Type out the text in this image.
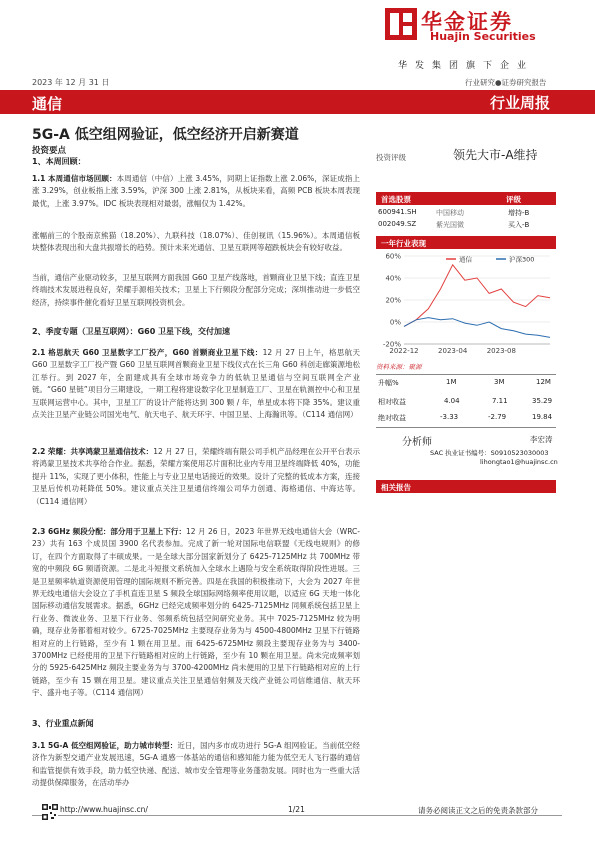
华金证券
Huajin Securities
华发集团旗下企业
2023 年 12 月 31 日	行业研究●证券研究报告
通信	行业周报
5G-A 低空组网验证，低空经济开启新赛道
投资要点
1、本周回顾：
1.1 本周通信市场回顾：本周通信（中信）上涨 3.45%，同期上证指数上涨 2.06%，深证成指上涨 3.29%，创业板指上涨 3.59%，沪深 300 上涨 2.81%，从板块来看，高频 PCB 板块本周表现最优，上涨 3.97%。IDC 板块表现相对最弱，涨幅仅为 1.42%。
涨幅前三的个股南京熊猫（18.20%）、九联科技（18.07%）、佳创视讯（15.96%）。本周通信板块整体表现出和大盘共振增长的趋势。预计未来光通信、卫星互联网等超跌板块会有较好收益。
当前，通信产业驱动较多，卫星互联网方面我国 G60 卫星产线落地，首颗商业卫星下线；直连卫星终端技术发展进程良好，荣耀手源相关技术；卫星上下行频段分配部分完成；深圳推动进一步低空经济，持续事件催化看好卫星互联网投资机会。
2、季度专题（卫星互联网）：G60 卫星下线，交付加速
2.1 格思航天 G60 卫星数字工厂投产，G60 首颗商业卫星下线：12 月 27 日上午，格思航天 G60 卫星数字工厂投产暨 G60 卫星互联网首颗商业卫星下线仪式在长三角 G60 科创走廊策源地松江举行。到 2027 年，全面建成具有全球市场竞争力的低轨卫星通信与空间互联网全产业链。“G60 星链”项目分三期建设，一期工程将建设数字化卫星制造工厂、卫星在轨测控中心和卫星互联网运营中心。其中，卫星工厂的设计产能将达到 300 颗 / 年，单星成本将下降 35%。建议重点关注卫星产业链公司国光电气、航天电子、航天环宇、中国卫星、上海瀚讯等。（C114 通信网）
2.2 荣耀：共享鸿蒙卫星通信技术：12 月 27 日，荣耀终端有限公司手机产品经理在公开平台表示将鸿蒙卫星技术共享给合作业。据悉，荣耀方案使用芯片面积比业内专用卫星终端降低 40%，功能提升 11%，实现了更小体积，性能上与专业卫星电话接近的效果。设计了完整的低成本方案，连接卫星后传机功耗降低 50%。建议重点关注卫星通信终端公司华力创通、海格通信、中海达等。（C114 通信网）
2.3 6GHz 频段分配：部分用于卫星上下行：12 月 26 日，2023 年世界无线电通信大会（WRC-23）共有 163 个成员国 3900 名代表参加。完成了新一轮对国际电信联盟《无线电规则》的修订，在四个方面取得了丰硕成果。一是全球大部分国家新划分了 6425-7125MHz 共 700MHz 带宽的中频段 6G 频谱资源。二是北斗短报文系统加入全球水上遇险与安全系统取得阶段性进展。三是卫星频率轨道资源使用管理的国际规则不断完善。四是在我国的积极推动下，大会为 2027 年世界无线电通信大会设立了手机直连卫星 S 频段全球国际网络频率使用议题，以适应 6G 天地一体化国际移动通信发展需求。据悉，6GHz 已经完成频率划分的 6425-7125MHz 同频系统包括卫星上行业务、微波业务、卫星下行业务、邻频系统包括空间研究业务。其中 7025-7125MHz 较为明确，现存业务都着相对较少。6725-7025MHz 主要现存业务为与 4500-4800MHz 卫星下行链路相对应的上行链路，至少有 1 颗在用卫星。而 6425-6725MHz 频段主要现存业务为与 3400-3700MHz 已经使用的卫星下行链路相对应的上行链路，至少有 10 颗在用卫星。尚未完成频率划分的 5925-6425MHz 频段主要业务为与 3700-4200MHz 尚未便用的卫星下行链路相对应的上行链路，至少有 15 颗在用卫星。建议重点关注卫星通信射频及天线产业链公司信维通信、航天环宇、盛升电子等。（C114 通信网）
3、行业重点新闻
3.1 5G-A 低空组网验证，助力城市转型：近日，国内多市成功进行 5G-A 组网验证。当前低空经济作为新型交通产业发展迅速，5G-A 通感一体基站的通信和感知能力能为低空无人飞行器的通信和监管提供有效手段，助力低空快递、配送、城市安全管理等业务蓬勃发展。同时也为一些重大活动提供保障服务，在活动举办
投资评级	领先大市-A维持
首选股票	评级
600941.SH	中国移动	增持-B
002049.SZ	紫光国微	买入-B
一年行业表现
60%
40%
20%
0%
-20%
2022-12	2023-04	2023-08
通信	沪深300
资料来源：聚源
升幅%	1M	3M	12M
相对收益	4.04	7.11	35.29
绝对收益	-3.33	-2.79	19.84
分析师	李宏涛
SAC 执业证书编号：S0910523030003
lihongtao1@huajinsc.cn
相关报告
http://www.huajinsc.cn/	1/21	请务必阅读正文之后的免责条款部分
